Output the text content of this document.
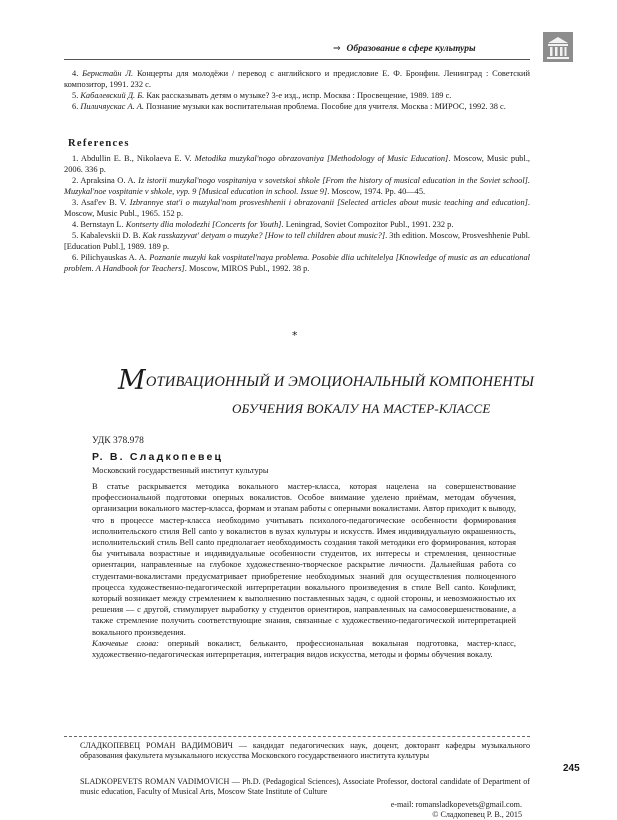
⇒ Образование в сфере культуры

4. Бернстайн Л. Концерты для молодёжи / перевод с английского и предисловие Е. Ф. Бронфин. Ленинград : Советский композитор, 1991. 232 с.

5. Кабалевский Д. Б. Как рассказывать детям о музыке? 3-е изд., испр. Москва : Просвещение, 1989. 189 с.

6. Пиличяускас А. А. Познание музыки как воспитательная проблема. Пособие для учителя. Москва : МИРОС, 1992. 38 с.

References

1. Abdullin E. B., Nikolaeva E. V. Metodika muzykal'nogo obrazovaniya [Methodology of Music Education]. Moscow, Music publ., 2006. 336 p.

2. Apraksina O. A. Iz istorii muzykal'nogo vospitaniya v sovetskoi shkole [From the history of musical education in the Soviet school]. Muzykal'noe vospitanie v shkole, vyp. 9 [Musical education in school. Issue 9]. Moscow, 1974. Pp. 40—45.

3. Asaf'ev B. V. Izbrannye stat'i o muzykal'nom prosveshhenii i obrazovanii [Selected articles about music teaching and education]. Moscow, Music Publ., 1965. 152 p.

4. Bernstayn L. Kontserty dlia molodezhi [Concerts for Youth]. Leningrad, Soviet Compozitor Publ., 1991. 232 p.

5. Kabalevskii D. B. Kak rasskazyvat' detyam o muzyke? [How to tell children about music?]. 3th edition. Moscow, Prosveshhenie Publ. [Education Publ.], 1989. 189 p.

6. Pilichyauskas A. A. Poznanie muzyki kak vospitatel'naya problema. Posobie dlia uchitelelya [Knowledge of music as an educational problem. A Handbook for Teachers]. Moscow, MIROS Publ., 1992. 38 p.

*
МОТИВАЦИОННЫЙ И ЭМОЦИОНАЛЬНЫЙ КОМПОНЕНТЫ
ОБУЧЕНИЯ ВОКАЛУ НА МАСТЕР-КЛАССЕ
УДК 378.978
Р. В. Сладкопевец
Московский государственный институт культуры

В статье раскрывается методика вокального мастер-класса, которая нацелена на совершенствование профессиональной подготовки оперных вокалистов. Особое внимание уделено приёмам, методам обучения, организации вокального мастер-класса, формам и этапам работы с оперными вокалистами. Автор приходит к выводу, что в процессе мастер-класса необходимо учитывать психолого-педагогические особенности формирования исполнительского стиля Bell canto у вокалистов в вузах культуры и искусств. Имея индивидуальную окрашенность, исполнительский стиль Bell canto предполагает необходимость создания такой методики его формирования, которая бы учитывала возрастные и индивидуальные особенности студентов, их интересы и стремления, ценностные ориентации, направленные на глубокое художественно-творческое раскрытие личности. Дальнейшая работа со студентами-вокалистами предусматривает приобретение необходимых знаний для осуществления полноценного процесса художественно-педагогической интерпретации вокального произведения в стиле Bell canto. Конфликт, который возникает между стремлением к выполнению поставленных задач, с одной стороны, и невозможностью их решения — с другой, стимулирует выработку у студентов ориентиров, направленных на самосовершенствование, а также стремление получить соответствующие знания, связанные с художественно-педагогической интерпретацией вокального произведения.

Ключевые слова: оперный вокалист, бельканто, профессиональная вокальная подготовка, мастер-класс, художественно-педагогическая интерпретация, интеграция видов искусства, методы и формы обучения вокалу.

СЛАДКОПЕВЕЦ РОМАН ВАДИМОВИЧ — кандидат педагогических наук, доцент, докторант кафедры музыкального образования факультета музыкального искусства Московского государственного института культуры

245

SLADKOPEVETS ROMAN VADIMOVICH — Ph.D. (Pedagogical Sciences), Associate Professor, doctoral candidate of Department of music education, Faculty of Musical Arts, Moscow State Institute of Culture

e-mail: romansladkopevets@gmail.com.
© Сладкопевец Р. В., 2015
